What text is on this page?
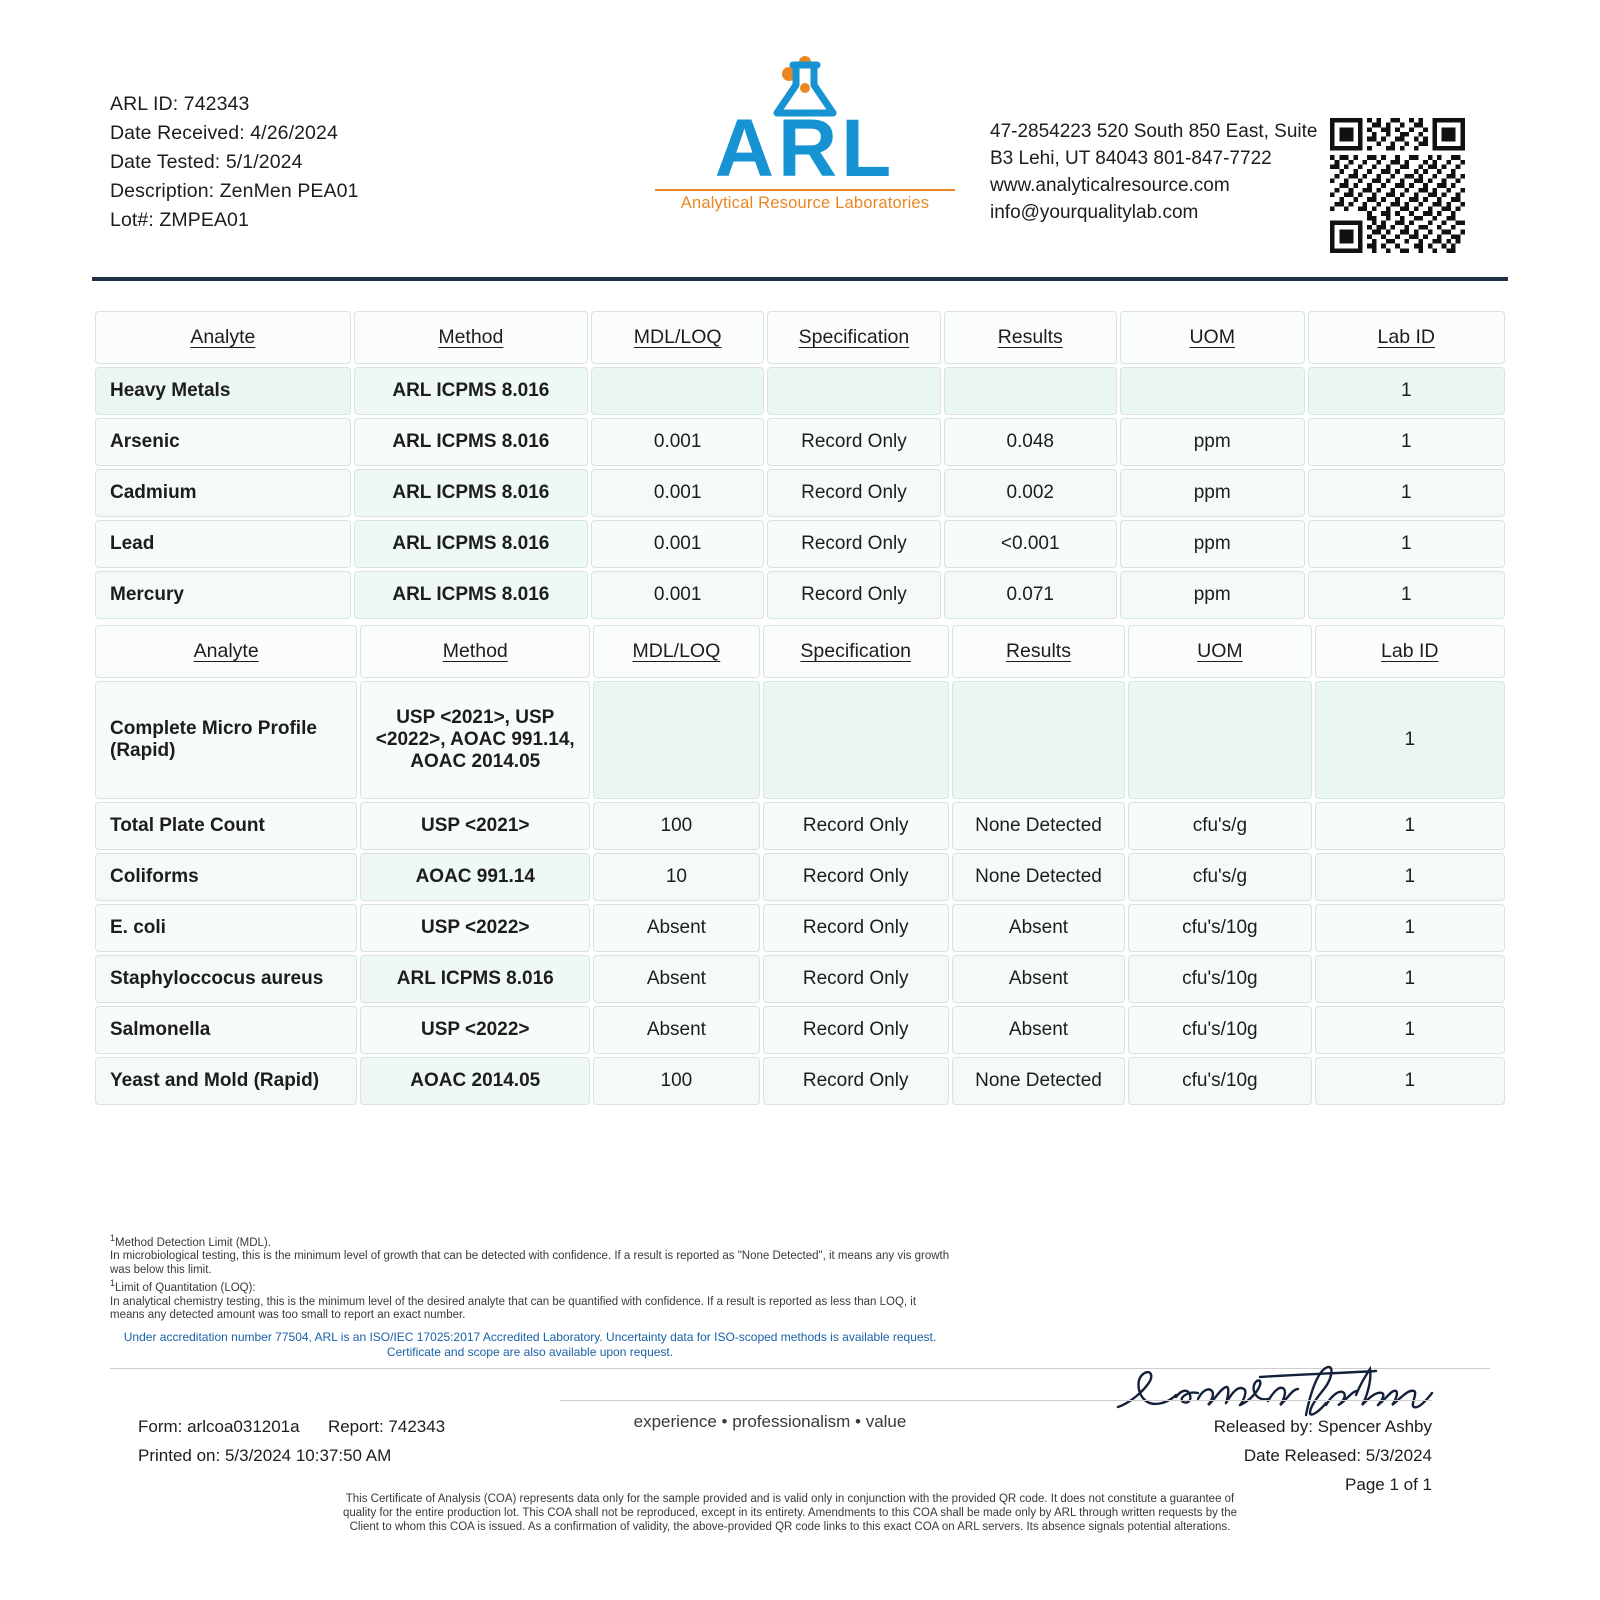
ARL ID: 742343
Date Received: 4/26/2024
Date Tested: 5/1/2024
Description: ZenMen PEA01
Lot#: ZMPEA01
ARL
Analytical Resource Laboratories
47-2854223 520 South 850 East, Suite B3 Lehi, UT 84043 801-847-7722 www.analyticalresource.com info@yourqualitylab.com
Analyte	Method	MDL/LOQ	Specification	Results	UOM	Lab ID
Heavy Metals	ARL ICPMS 8.016					1
Arsenic	ARL ICPMS 8.016	0.001	Record Only	0.048	ppm	1
Cadmium	ARL ICPMS 8.016	0.001	Record Only	0.002	ppm	1
Lead	ARL ICPMS 8.016	0.001	Record Only	<0.001	ppm	1
Mercury	ARL ICPMS 8.016	0.001	Record Only	0.071	ppm	1
Analyte	Method	MDL/LOQ	Specification	Results	UOM	Lab ID
Complete Micro Profile (Rapid)	USP <2021>, USP <2022>, AOAC 991.14, AOAC 2014.05					1
Total Plate Count	USP <2021>	100	Record Only	None Detected	cfu's/g	1
Coliforms	AOAC 991.14	10	Record Only	None Detected	cfu's/g	1
E. coli	USP <2022>	Absent	Record Only	Absent	cfu's/10g	1
Staphyloccocus aureus	ARL ICPMS 8.016	Absent	Record Only	Absent	cfu's/10g	1
Salmonella	USP <2022>	Absent	Record Only	Absent	cfu's/10g	1
Yeast and Mold (Rapid)	AOAC 2014.05	100	Record Only	None Detected	cfu's/10g	1
$^1$Method Detection Limit (MDL).
In microbiological testing, this is the minimum level of growth that can be detected with confidence. If a result is reported as "None Detected", it means any vis growth was below this limit.
$^1$Limit of Quantitation (LOQ):
In analytical chemistry testing, this is the minimum level of the desired analyte that can be quantified with confidence. If a result is reported as less than LOQ, it means any detected amount was too small to report an exact number.
Under accreditation number 77504, ARL is an ISO/IEC 17025:2017 Accredited Laboratory. Uncertainty data for ISO-scoped methods is available request. Certificate and scope are also available upon request.
Form: arlcoa031201a Report: 742343
Printed on: 5/3/2024 10:37:50 AM
experience • professionalism • value	Released by: Spencer Ashby
Date Released: 5/3/2024
Page 1 of 1
This Certificate of Analysis (COA) represents data only for the sample provided and is valid only in conjunction with the provided QR code. It does not constitute a guarantee of quality for the entire production lot. This COA shall not be reproduced, except in its entirety. Amendments to this COA shall be made only by ARL through written requests by the Client to whom this COA is issued. As a confirmation of validity, the above-provided QR code links to this exact COA on ARL servers. Its absence signals potential alterations.
